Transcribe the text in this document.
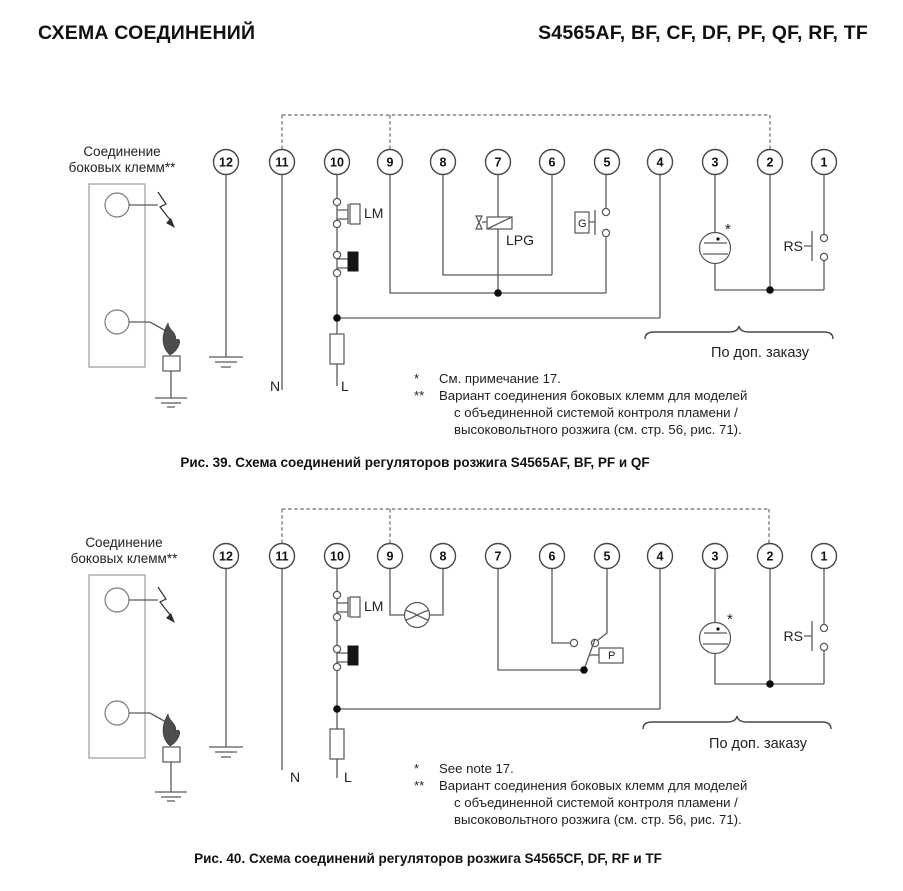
СХЕМА СОЕДИНЕНИЙ	S4565AF, BF, CF, DF, PF, QF, RF, TF
Соединение
боковых клемм**
LM
L
N
LPG
G	*
RS
По доп. заказу
12	11	10	9	8	7	6	5	4	3	2	1
Соединение
боковых клемм**
LM
L
N
P
*
RS
По доп. заказу
12	11	10	9	8	7	6	5	4	3	2	1
*	См. примечание 17.
**	Вариант соединения боковых клемм для моделей
с объединенной системой контроля пламени /
высоковольтного розжига (см. стр. 56, рис. 71).
Рис. 39. Схема соединений регуляторов розжига S4565AF, BF, PF и QF
*	See note 17.
**	Вариант соединения боковых клемм для моделей
с объединенной системой контроля пламени /
высоковольтного розжига (см. стр. 56, рис. 71).
Рис. 40. Схема соединений регуляторов розжига S4565CF, DF, RF и TF
